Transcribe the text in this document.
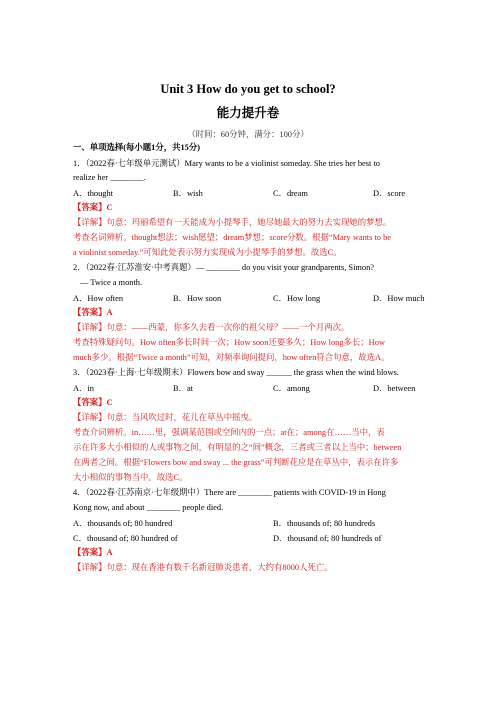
Unit 3 How do you get to school?
能力提升卷
（时间：60分钟，满分：100分）
一、单项选择(每小题1分，共15分)
1．（2022春·七年级单元测试）Mary wants to be a violinist someday. She tries her best to
realize her ________.
A．thought	B．wish	C．dream	D．score
【答案】C
【详解】句意：玛丽希望有一天能成为小提琴手，她尽她最大的努力去实现她的梦想。
考查名词辨析。thought想法；wish愿望；dream梦想；score分数。根据“Mary wants to be
a violinist someday.”可知此处表示努力实现成为小提琴手的梦想。故选C。
2．（2022春·江苏淮安·中考真题）— ________ do you visit your grandparents, Simon?
— Twice a month.
A．How often	B．How soon	C．How long	D．How much
【答案】A
【详解】句意：——西蒙，你多久去看一次你的祖父母？——一个月两次。
考查特殊疑问句。How often多长时间一次；How soon还要多久；How long多长；How
much多少。根据“Twice a month”可知，对频率询问提问，how often符合句意，故选A。
3．（2023春·上海·七年级期末）Flowers bow and sway ______ the grass when the wind blows.
A．in	B．at	C．among	D．between
【答案】C
【详解】句意：当风吹过时，花儿在草丛中摇曳。
考查介词辨析。in……里，强调某范围或空间内的一点；at在；among在……当中，表
示在许多大小相似的人或事物之间，有明显的之“间”概念，三者或三者以上当中；between
在两者之间。根据“Flowers bow and sway ... the grass”可判断花应是在草丛中，表示在许多
大小相似的事物当中。故选C。
4．（2022春·江苏南京·七年级期中）There are ________ patients with COVID-19 in Hong
Kong now, and about ________ people died.
A．thousands of; 80 hundred	B．thousands of; 80 hundreds
C．thousand of; 80 hundred of	D．thousand of; 80 hundreds of
【答案】A
【详解】句意：现在香港有数千名新冠肺炎患者，大约有8000人死亡。
